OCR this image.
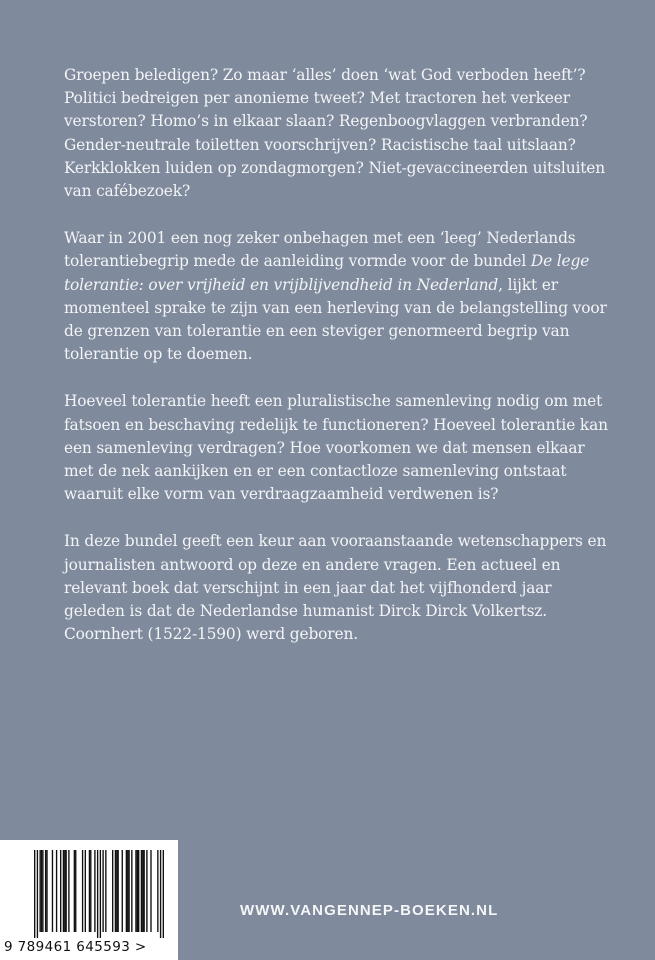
Groepen beledigen? Zo maar ‘alles’ doen ‘wat God verboden heeft’? Politici bedreigen per anonieme tweet? Met tractoren het verkeer verstoren? Homo’s in elkaar slaan? Regenboogvlaggen verbranden? Gender-neutrale toiletten voorschrijven? Racistische taal uitslaan? Kerkklokken luiden op zondagmorgen? Niet-gevaccineerden uitsluiten van cafébezoek?

Waar in 2001 een nog zeker onbehagen met een ‘leeg’ Nederlands tolerantiebegrip mede de aanleiding vormde voor de bundel De lege tolerantie: over vrijheid en vrijblijvendheid in Nederland, lijkt er momenteel sprake te zijn van een herleving van de belangstelling voor de grenzen van tolerantie en een steviger genormeerd begrip van tolerantie op te doemen.

Hoeveel tolerantie heeft een pluralistische samenleving nodig om met fatsoen en beschaving redelijk te functioneren? Hoeveel tolerantie kan een samenleving verdragen? Hoe voorkomen we dat mensen elkaar met de nek aankijken en er een contactloze samenleving ontstaat waaruit elke vorm van verdraagzaamheid verdwenen is?

In deze bundel geeft een keur aan vooraanstaande wetenschappers en journalisten antwoord op deze en andere vragen. Een actueel en relevant boek dat verschijnt in een jaar dat het vijfhonderd jaar geleden is dat de Nederlandse humanist Dirck Dirck Volkertsz. Coornhert (1522-1590) werd geboren.

9 789461 645593 >
WWW.VANGENNEP-BOEKEN.NL
